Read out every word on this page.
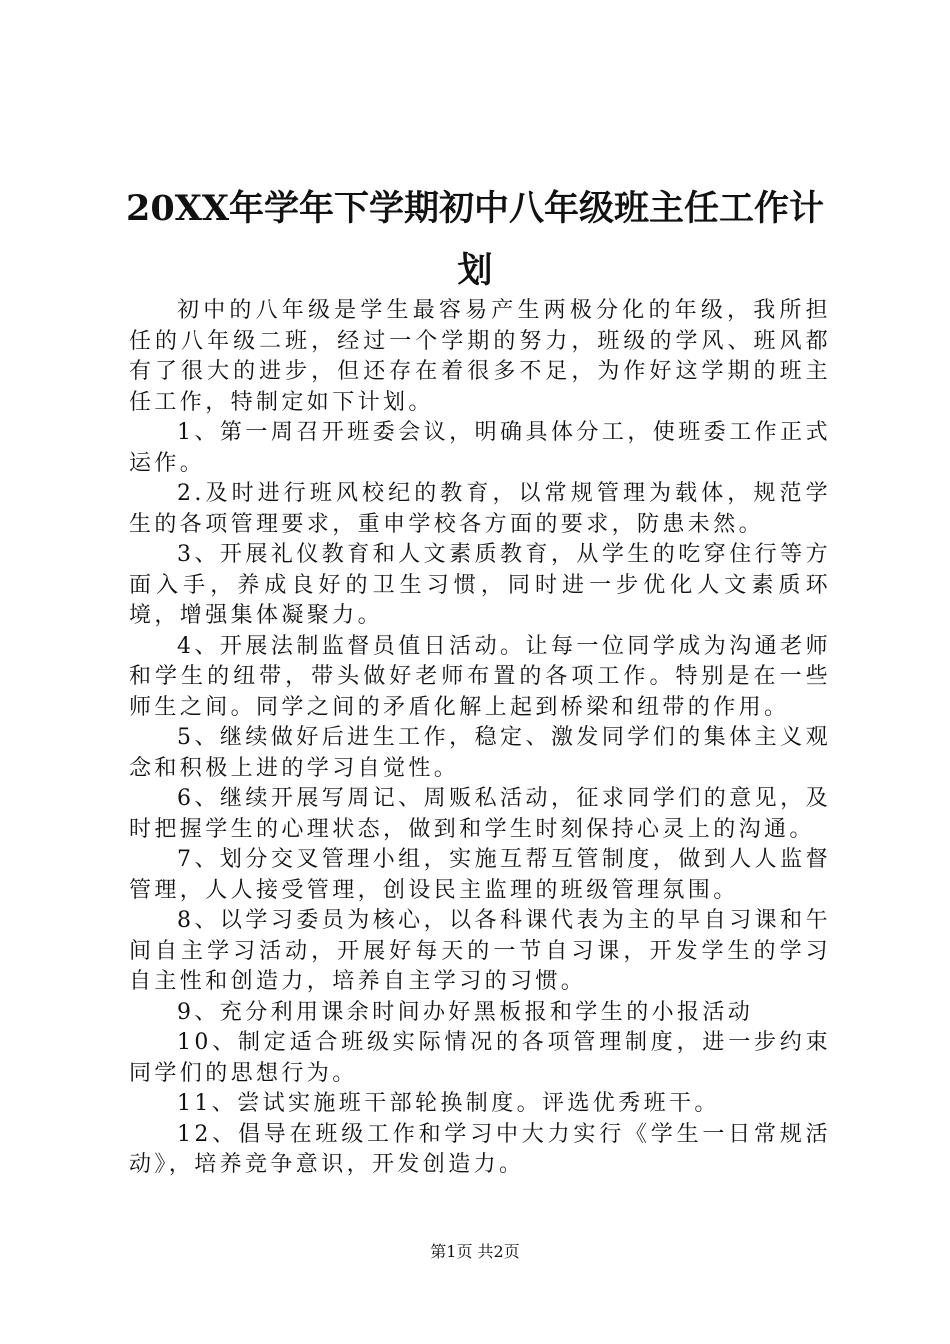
20XX年学年下学期初中八年级班主任工作计划

初中的八年级是学生最容易产生两极分化的年级，我所担任的八年级二班，经过一个学期的努力，班级的学风、班风都有了很大的进步，但还存在着很多不足，为作好这学期的班主任工作，特制定如下计划。

1、第一周召开班委会议，明确具体分工，使班委工作正式运作。

2.及时进行班风校纪的教育，以常规管理为载体，规范学生的各项管理要求，重申学校各方面的要求，防患未然。

3、开展礼仪教育和人文素质教育，从学生的吃穿住行等方面入手，养成良好的卫生习惯，同时进一步优化人文素质环境，增强集体凝聚力。

4、开展法制监督员值日活动。让每一位同学成为沟通老师和学生的纽带，带头做好老师布置的各项工作。特别是在一些师生之间。同学之间的矛盾化解上起到桥梁和纽带的作用。

5、继续做好后进生工作，稳定、激发同学们的集体主义观念和积极上进的学习自觉性。

6、继续开展写周记、周贩私活动，征求同学们的意见，及时把握学生的心理状态，做到和学生时刻保持心灵上的沟通。

7、划分交叉管理小组，实施互帮互管制度，做到人人监督管理，人人接受管理，创设民主监理的班级管理氛围。

8、以学习委员为核心，以各科课代表为主的早自习课和午间自主学习活动，开展好每天的一节自习课，开发学生的学习自主性和创造力，培养自主学习的习惯。

9、充分利用课余时间办好黑板报和学生的小报活动

10、制定适合班级实际情况的各项管理制度，进一步约束同学们的思想行为。

11、尝试实施班干部轮换制度。评选优秀班干。

12、倡导在班级工作和学习中大力实行《学生一日常规活动》，培养竞争意识，开发创造力。

第1页 共2页
